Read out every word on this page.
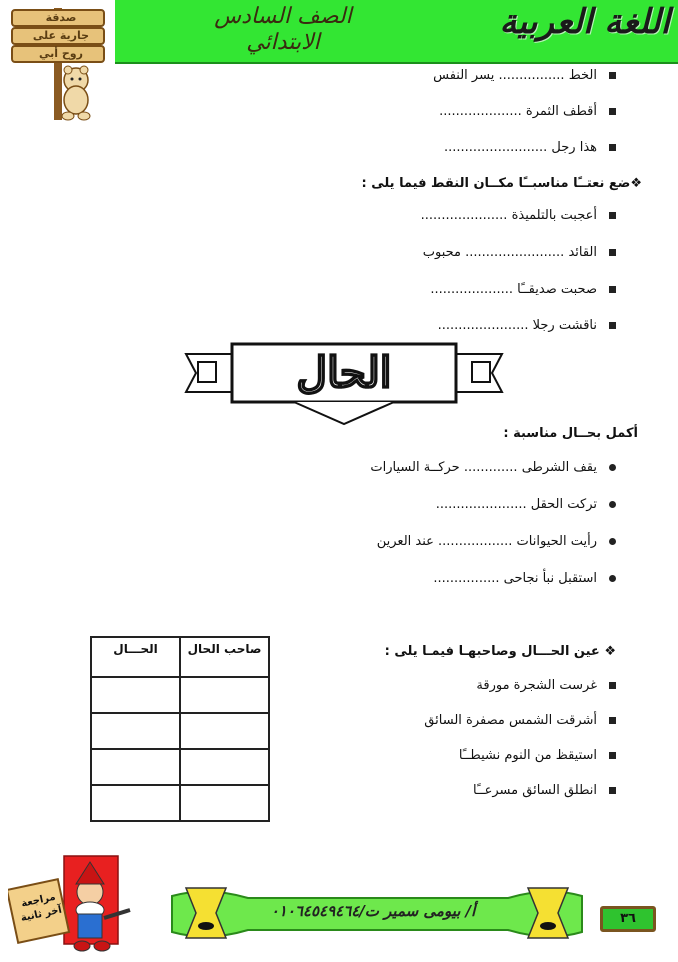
اللغة العربية
الصف السادس
الابتدائي
صدقة
جارية على
روح أبي
الخط ................ يسر النفس
أقطف الثمرة ....................
هذا رجل .........................
❖ضع نعتــًا مناسبــًا مكــان النقط فيما يلى :
أعجبت بالتلميذة .....................
القائد ........................ محبوب
صحبت صديقــًا ....................
ناقشت رجلا ......................
الحال
أكمل بحــال مناسبة :
يقف الشرطى ............. حركــة السيارات
تركت الحقل ......................
رأيت الحيوانات .................. عند العرين
استقبل نبأ نجاحى ................
❖ عين الحـــال وصاحبهـا فيمـا يلى :
غرست الشجرة مورقة
أشرقت الشمس مصفرة السائق
استيقظ من النوم نشيطــًا
انطلق السائق مسرعــًا
صاحب الحال	الحـــال

مراجعة آخر ثانية	أ/ بيومى سمير ت/٠١٠٦٤٥٤٩٤٦٤	٣٦
